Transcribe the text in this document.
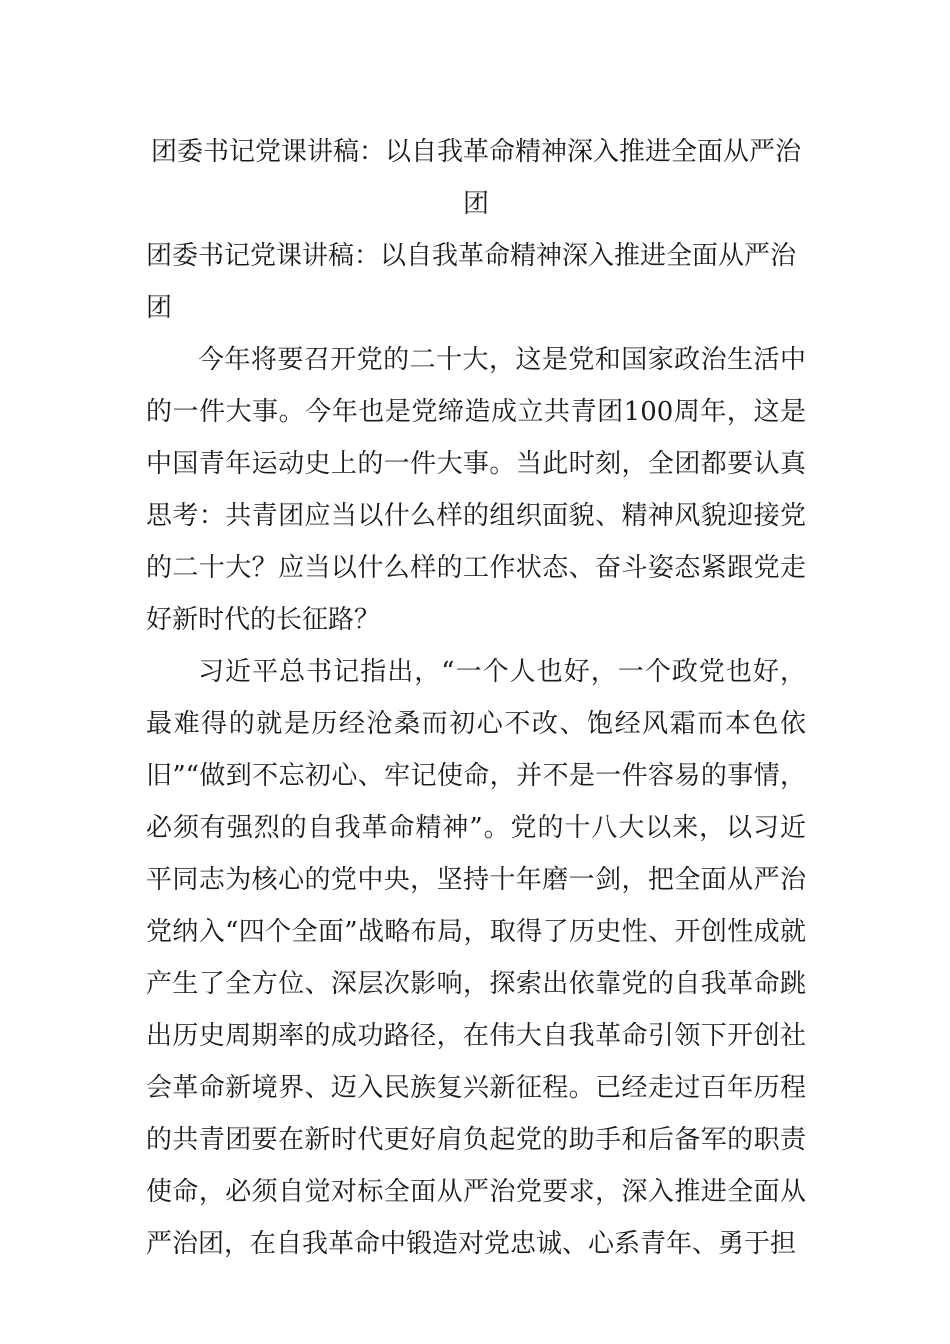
团委书记党课讲稿：以自我革命精神深入推进全面从严治团

团委书记党课讲稿：以自我革命精神深入推进全面从严治团

今年将要召开党的二十大，这是党和国家政治生活中的一件大事。今年也是党缔造成立共青团100周年，这是中国青年运动史上的一件大事。当此时刻，全团都要认真思考：共青团应当以什么样的组织面貌、精神风貌迎接党的二十大？应当以什么样的工作状态、奋斗姿态紧跟党走好新时代的长征路？

习近平总书记指出，“一个人也好，一个政党也好，最难得的就是历经沧桑而初心不改、饱经风霜而本色依旧”“做到不忘初心、牢记使命，并不是一件容易的事情，必须有强烈的自我革命精神”。党的十八大以来，以习近平同志为核心的党中央，坚持十年磨一剑，把全面从严治党纳入“四个全面”战略布局，取得了历史性、开创性成就产生了全方位、深层次影响，探索出依靠党的自我革命跳出历史周期率的成功路径，在伟大自我革命引领下开创社会革命新境界、迈入民族复兴新征程。已经走过百年历程的共青团要在新时代更好肩负起党的助手和后备军的职责使命，必须自觉对标全面从严治党要求，深入推进全面从严治团，在自我革命中锻造对党忠诚、心系青年、勇于担
